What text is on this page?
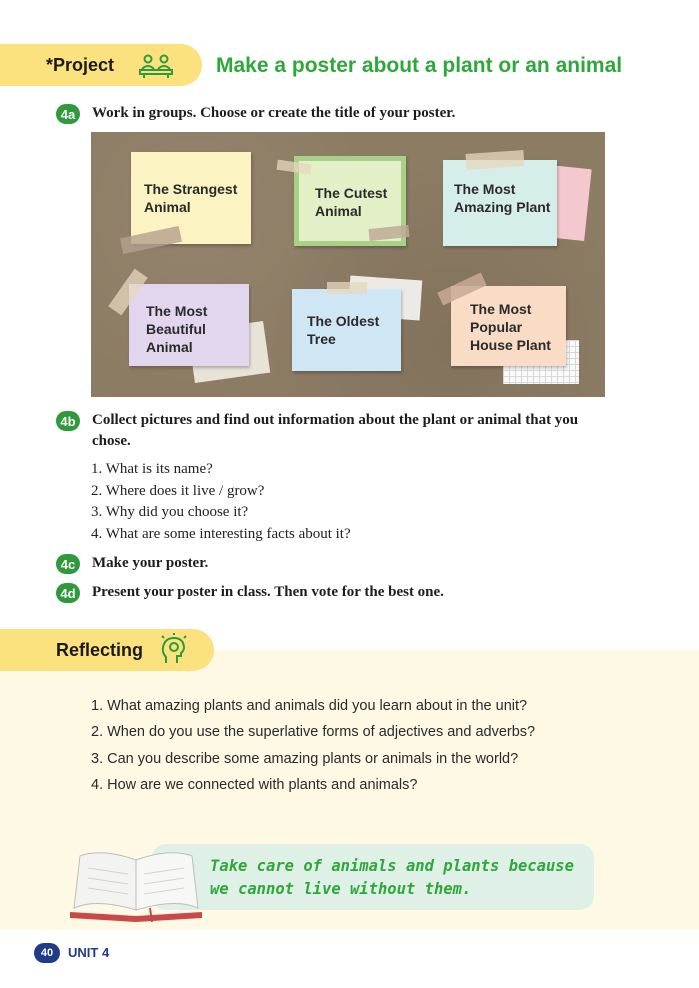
*Project	Make a poster about a plant or an animal
4a	Work in groups. Choose or create the title of your poster.
The Strangest
Animal
The Cutest
Animal
The Most
Amazing Plant
The Most
Beautiful
Animal
The Oldest
Tree
The Most
Popular
House Plant
4b Collect pictures and find out information about the plant or animal that you chose.
1. What is its name?
2. Where does it live / grow?
3. Why did you choose it?
4. What are some interesting facts about it?
4c	Make your poster.
4d Present your poster in class. Then vote for the best one.
Reflecting
1. What amazing plants and animals did you learn about in the unit?
2. When do you use the superlative forms of adjectives and adverbs?
3. Can you describe some amazing plants or animals in the world?
4. How are we connected with plants and animals?
Take care of animals and plants because we cannot live without them.
40	UNIT 4
